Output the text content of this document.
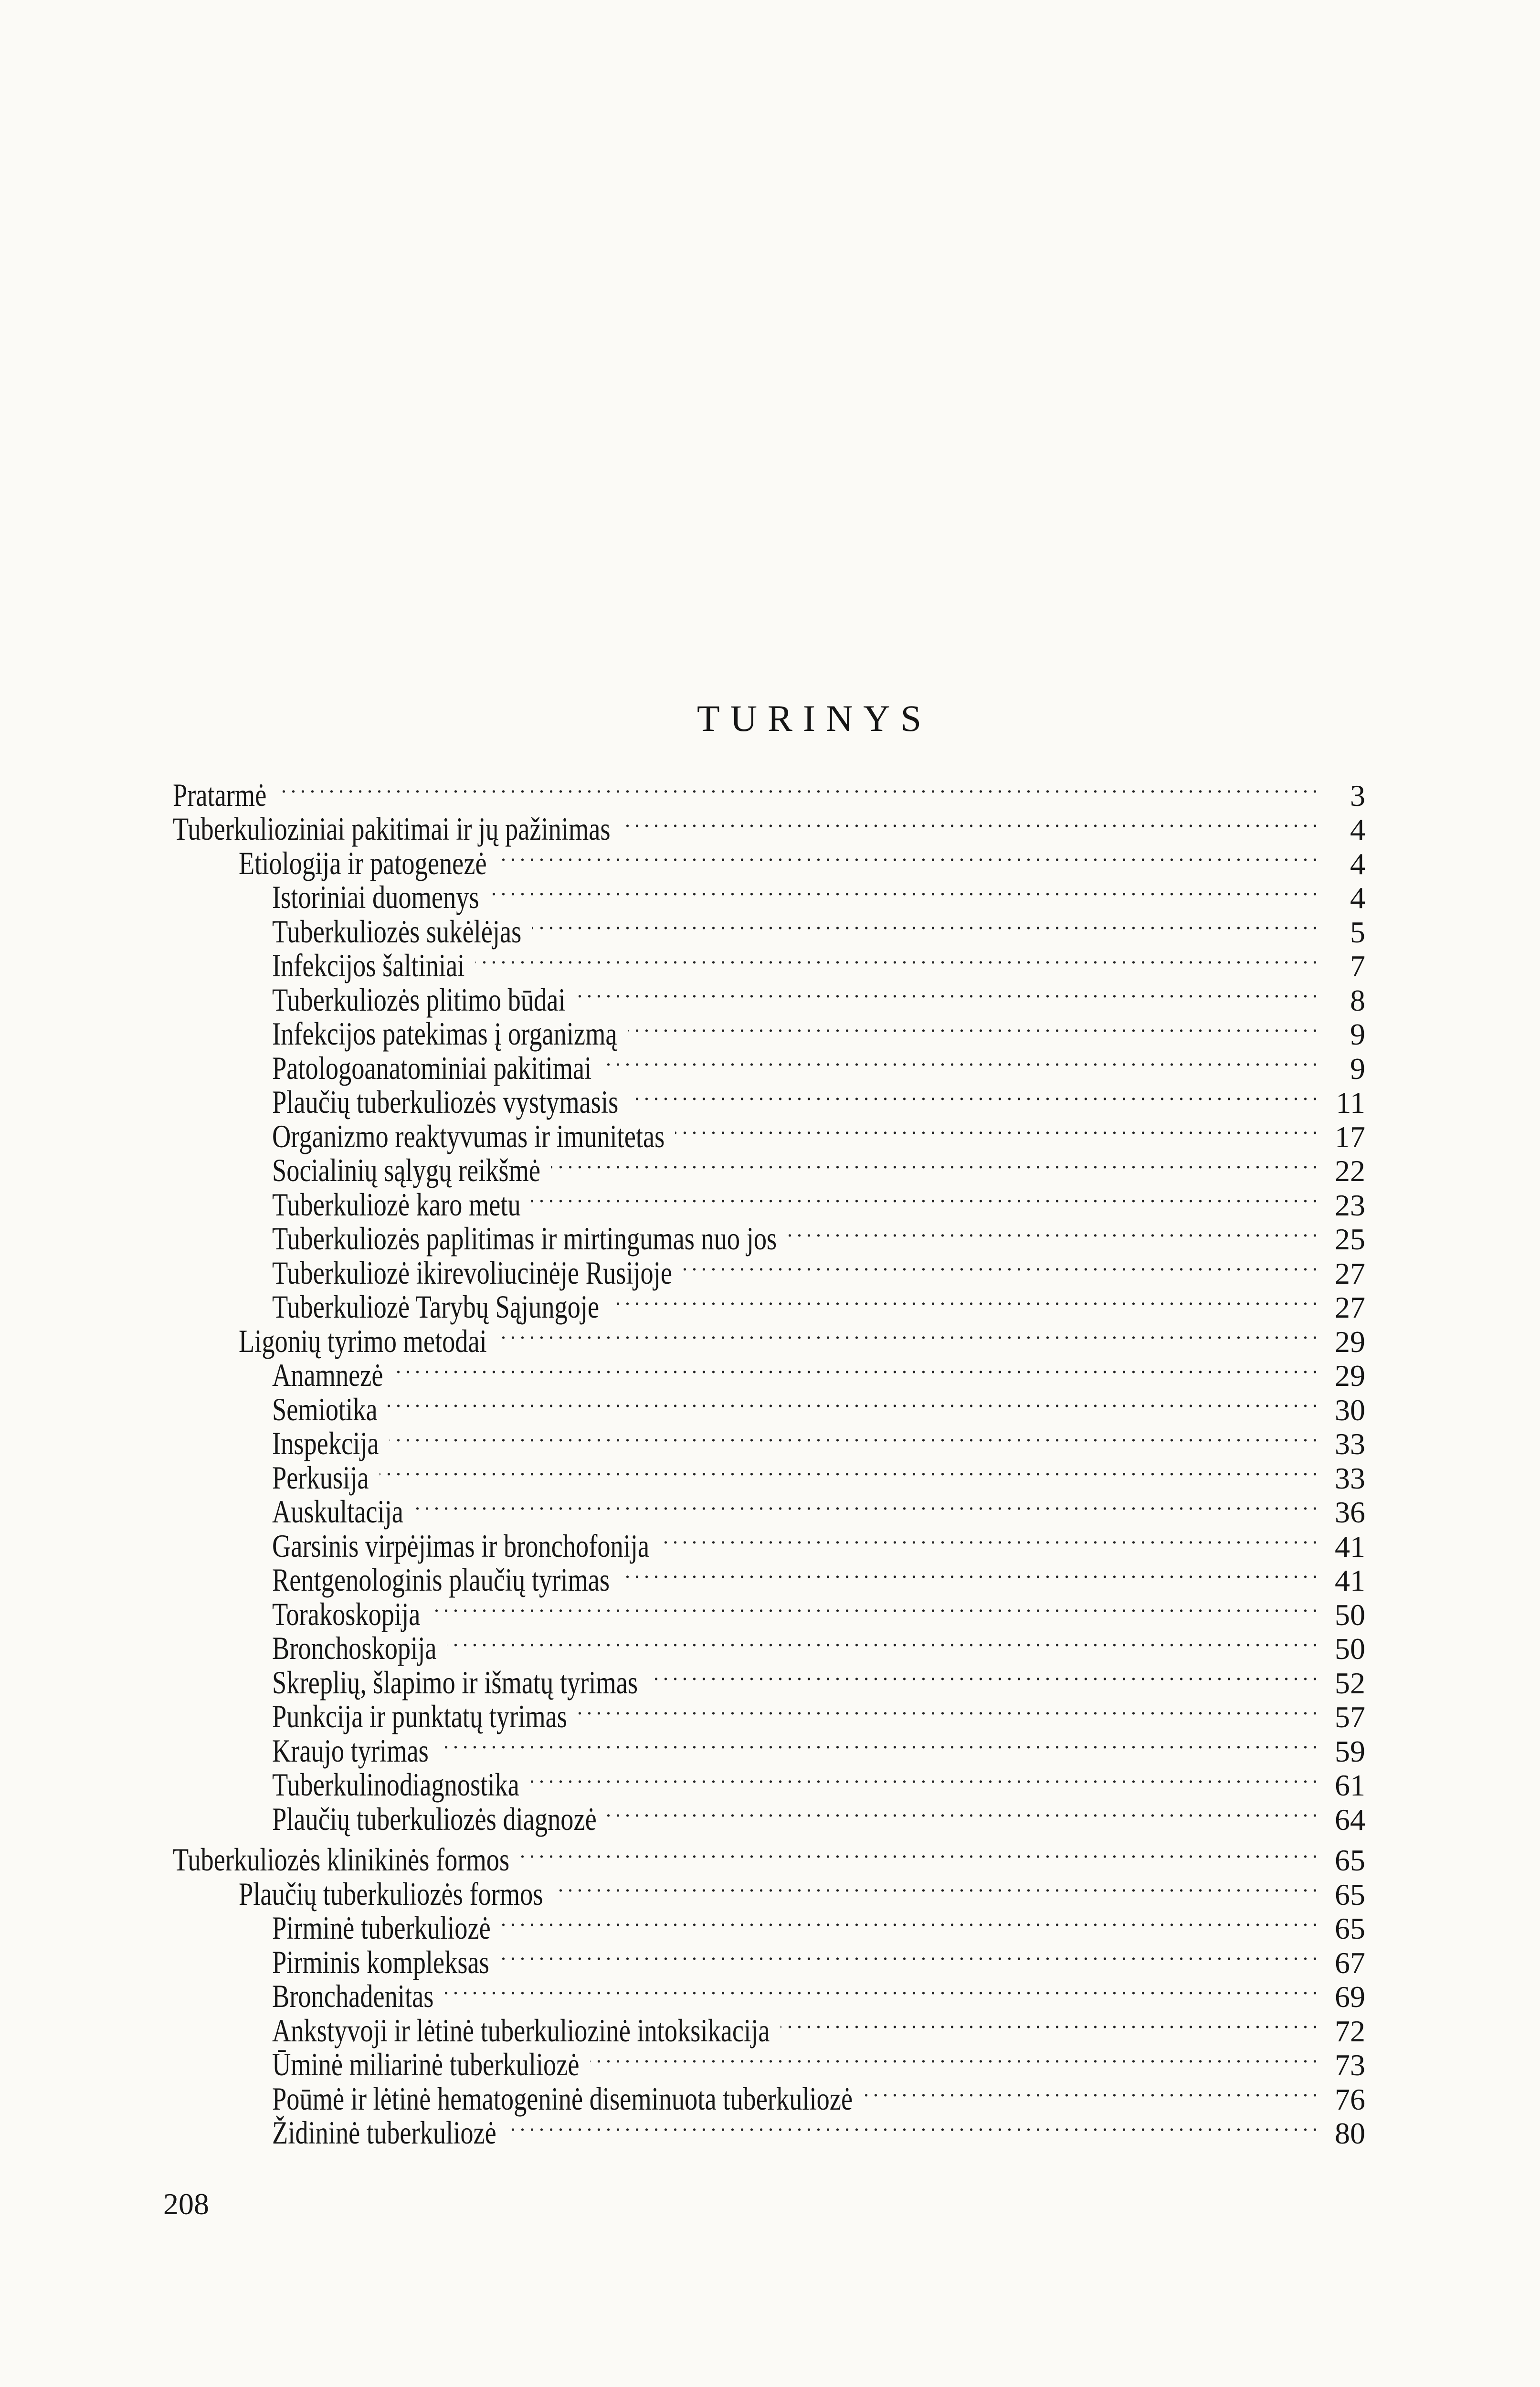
TURINYS
Pratarmė . . .	3
Tuberkulioziniai pakitimai ir jų pažinimas . . .	4
Etiologija ir patogenezė . . .	4
Istoriniai duomenys . . .	4
Tuberkuliozės sukėlėjas . . .	5
Infekcijos šaltiniai . . .	7
Tuberkuliozės plitimo būdai . . .	8
Infekcijos patekimas į organizmą . . .	9
Patologoanatominiai pakitimai . . .	9
Plaučių tuberkuliozės vystymasis . . .	11
Organizmo reaktyvumas ir imunitetas . . .	17
Socialinių sąlygų reikšmė . . .	22
Tuberkuliozė karo metu . . .	23
Tuberkuliozės paplitimas ir mirtingumas nuo jos . . .	25
Tuberkuliozė ikirevoliucinėje Rusijoje . . .	27
Tuberkuliozė Tarybų Sąjungoje . . .	27
Ligonių tyrimo metodai . . .	29
Anamnezė . . .	29
Semiotika . . .	30
Inspekcija . . .	33
Perkusija . . .	33
Auskultacija . . .	36
Garsinis virpėjimas ir bronchofonija . . .	41
Rentgenologinis plaučių tyrimas . . .	41
Torakoskopija . . .	50
Bronchoskopija . . .	50
Skreplių, šlapimo ir išmatų tyrimas . . .	52
Punkcija ir punktatų tyrimas . . .	57
Kraujo tyrimas . . .	59
Tuberkulinodiagnostika . . .	61
Plaučių tuberkuliozės diagnozė . . .	64
Tuberkuliozės klinikinės formos . . .	65
Plaučių tuberkuliozės formos . . .	65
Pirminė tuberkuliozė . . .	65
Pirminis kompleksas . . .	67
Bronchadenitas . . .	69
Ankstyvoji ir lėtinė tuberkuliozinė intoksikacija . . .	72
Ūminė miliarinė tuberkuliozė . . .	73
Poūmė ir lėtinė hematogeninė diseminuota tuberkuliozė . . .	76
Židininė tuberkuliozė . . .	80
208
